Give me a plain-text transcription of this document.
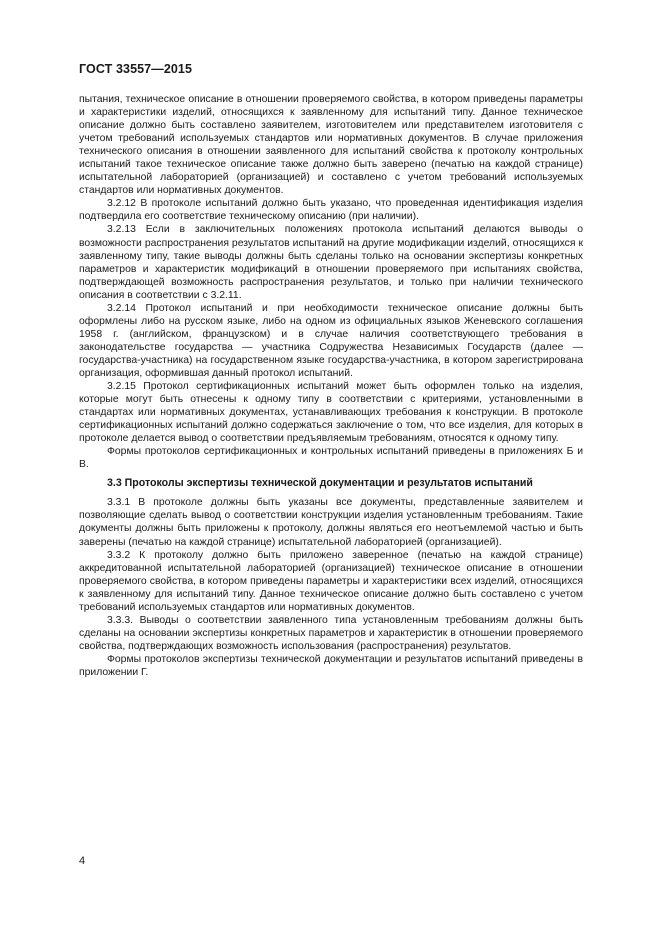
ГОСТ 33557—2015

пытания, техническое описание в отношении проверяемого свойства, в котором приведены параметры и характеристики изделий, относящихся к заявленному для испытаний типу. Данное техническое описание должно быть составлено заявителем, изготовителем или представителем изготовителя с учетом требований используемых стандартов или нормативных документов. В случае приложения технического описания в отношении заявленного для испытаний свойства к протоколу контрольных испытаний такое техническое описание также должно быть заверено (печатью на каждой странице) испытательной лабораторией (организацией) и составлено с учетом требований используемых стандартов или нормативных документов.

3.2.12 В протоколе испытаний должно быть указано, что проведенная идентификация изделия подтвердила его соответствие техническому описанию (при наличии).

3.2.13 Если в заключительных положениях протокола испытаний делаются выводы о возможности распространения результатов испытаний на другие модификации изделий, относящихся к заявленному типу, такие выводы должны быть сделаны только на основании экспертизы конкретных параметров и характеристик модификаций в отношении проверяемого при испытаниях свойства, подтверждающей возможность распространения результатов, и только при наличии технического описания в соответствии с 3.2.11.

3.2.14 Протокол испытаний и при необходимости техническое описание должны быть оформлены либо на русском языке, либо на одном из официальных языков Женевского соглашения 1958 г. (английском, французском) и в случае наличия соответствующего требования в законодательстве государства — участника Содружества Независимых Государств (далее — государства-участника) на государственном языке государства-участника, в котором зарегистрирована организация, оформившая данный протокол испытаний.

3.2.15 Протокол сертификационных испытаний может быть оформлен только на изделия, которые могут быть отнесены к одному типу в соответствии с критериями, установленными в стандартах или нормативных документах, устанавливающих требования к конструкции. В протоколе сертификационных испытаний должно содержаться заключение о том, что все изделия, для которых в протоколе делается вывод о соответствии предъявляемым требованиям, относятся к одному типу.

Формы протоколов сертификационных и контрольных испытаний приведены в приложениях Б и В.

3.3 Протоколы экспертизы технической документации и результатов испытаний

3.3.1 В протоколе должны быть указаны все документы, представленные заявителем и позволяющие сделать вывод о соответствии конструкции изделия установленным требованиям. Такие документы должны быть приложены к протоколу, должны являться его неотъемлемой частью и быть заверены (печатью на каждой странице) испытательной лабораторией (организацией).

3.3.2 К протоколу должно быть приложено заверенное (печатью на каждой странице) аккредитованной испытательной лабораторией (организацией) техническое описание в отношении проверяемого свойства, в котором приведены параметры и характеристики всех изделий, относящихся к заявленному для испытаний типу. Данное техническое описание должно быть составлено с учетом требований используемых стандартов или нормативных документов.

3.3.3. Выводы о соответствии заявленного типа установленным требованиям должны быть сделаны на основании экспертизы конкретных параметров и характеристик в отношении проверяемого свойства, подтверждающих возможность использования (распространения) результатов.

Формы протоколов экспертизы технической документации и результатов испытаний приведены в приложении Г.

4
